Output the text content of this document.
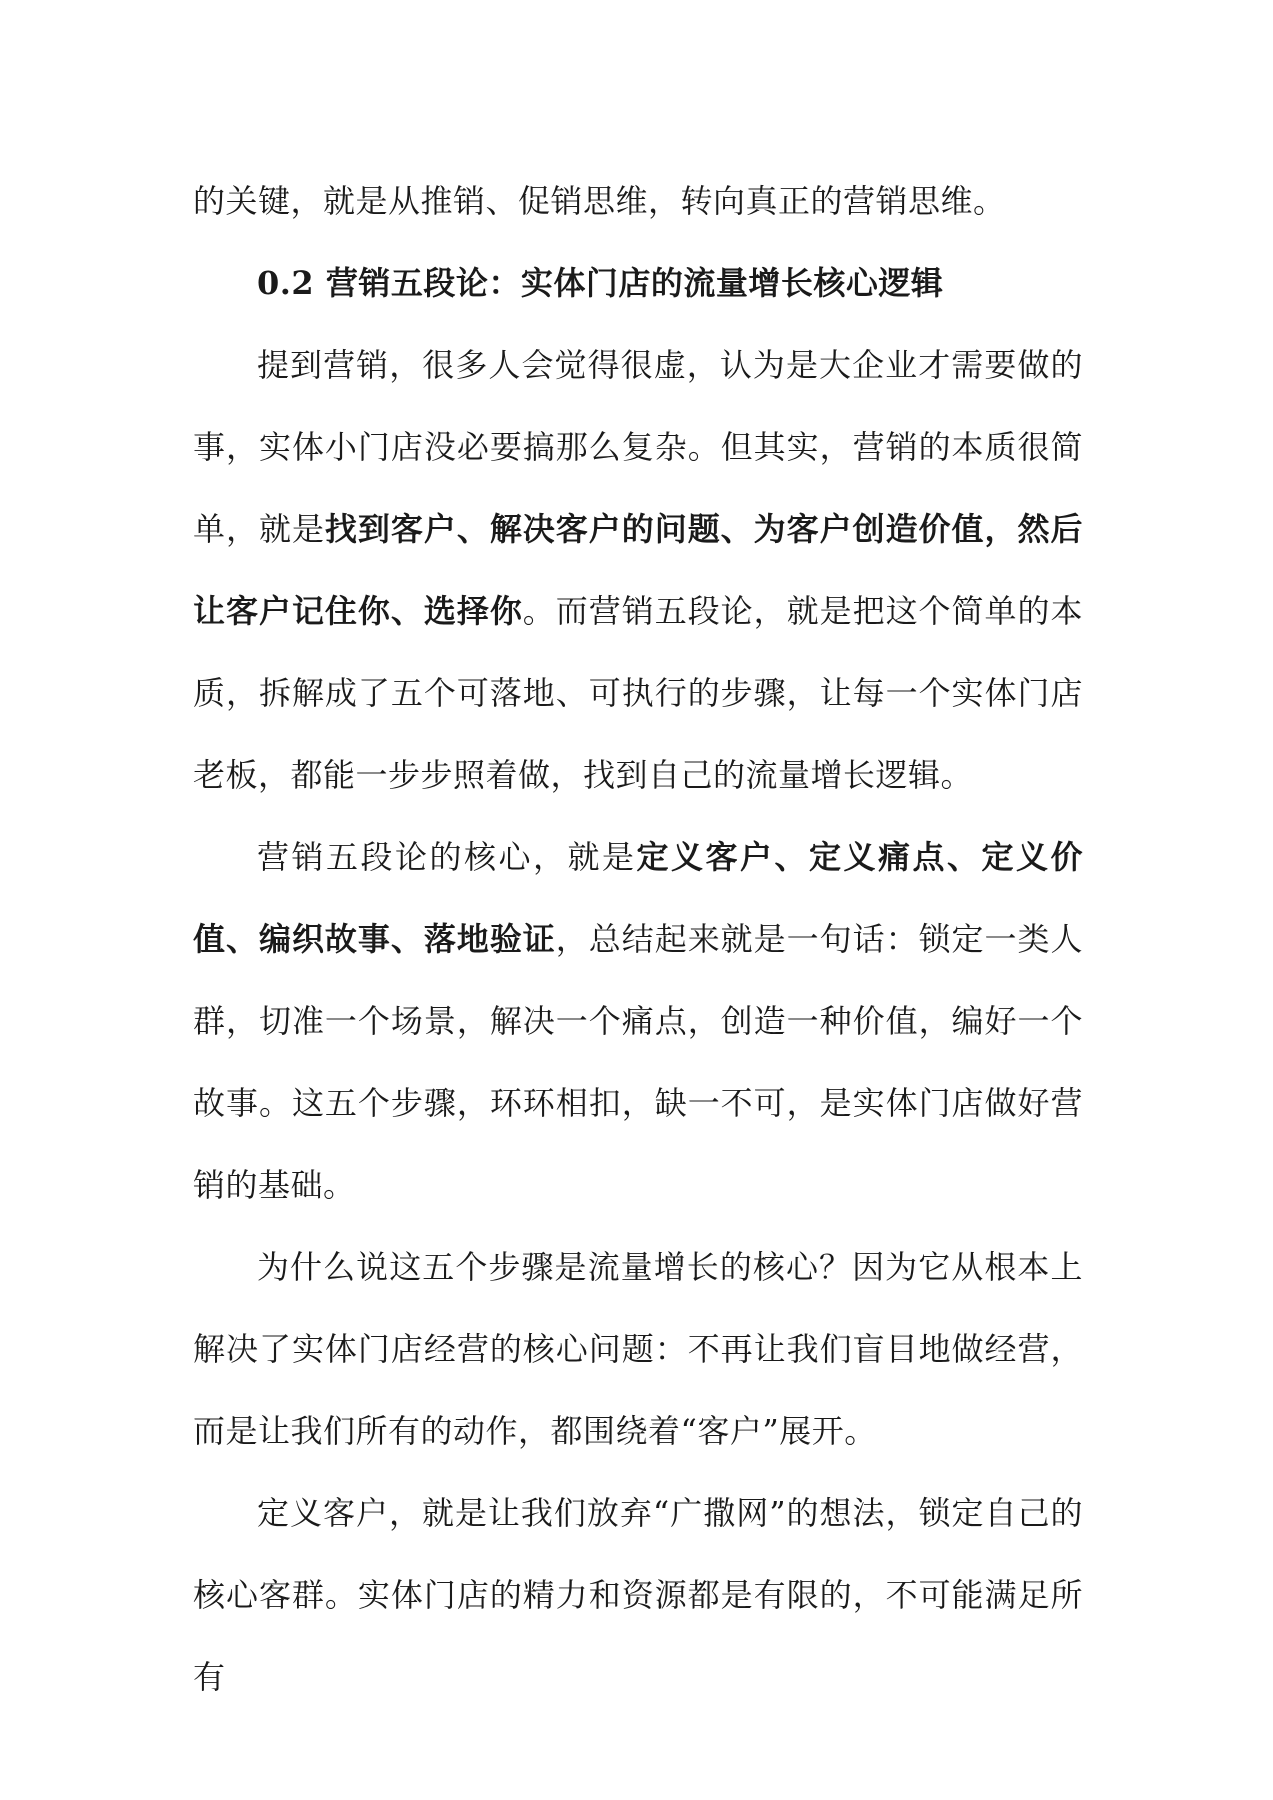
的关键，就是从推销、促销思维，转向真正的营销思维。

0.2 营销五段论：实体门店的流量增长核心逻辑

提到营销，很多人会觉得很虚，认为是大企业才需要做的事，实体小门店没必要搞那么复杂。但其实，营销的本质很简单，就是找到客户、解决客户的问题、为客户创造价值，然后让客户记住你、选择你。而营销五段论，就是把这个简单的本质，拆解成了五个可落地、可执行的步骤，让每一个实体门店老板，都能一步步照着做，找到自己的流量增长逻辑。

营销五段论的核心，就是定义客户、定义痛点、定义价值、编织故事、落地验证，总结起来就是一句话：锁定一类人群，切准一个场景，解决一个痛点，创造一种价值，编好一个故事。这五个步骤，环环相扣，缺一不可，是实体门店做好营销的基础。

为什么说这五个步骤是流量增长的核心？因为它从根本上解决了实体门店经营的核心问题：不再让我们盲目地做经营，而是让我们所有的动作，都围绕着“客户”展开。

定义客户，就是让我们放弃“广撒网”的想法，锁定自己的核心客群。实体门店的精力和资源都是有限的，不可能满足所有
